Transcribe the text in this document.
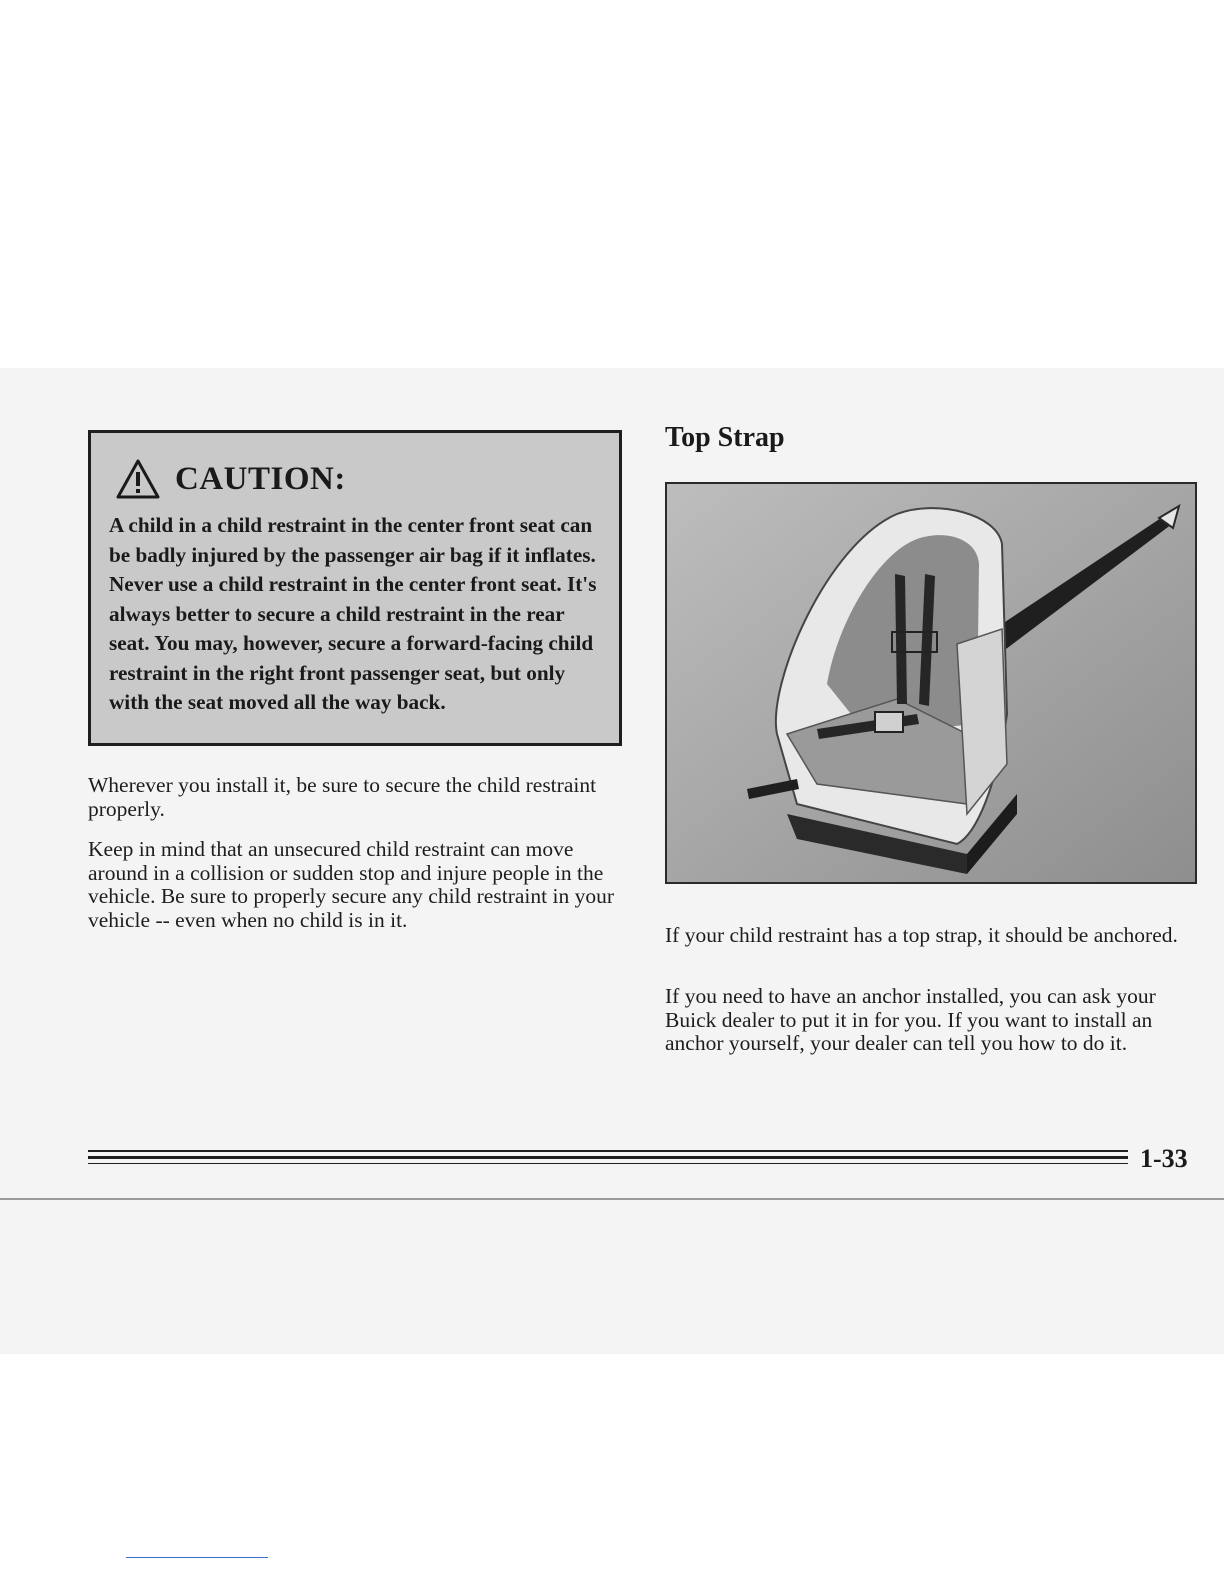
CAUTION:

A child in a child restraint in the center front seat can be badly injured by the passenger air bag if it inflates. Never use a child restraint in the center front seat. It's always better to secure a child restraint in the rear seat. You may, however, secure a forward-facing child restraint in the right front passenger seat, but only with the seat moved all the way back.

Wherever you install it, be sure to secure the child restraint properly.

Keep in mind that an unsecured child restraint can move around in a collision or sudden stop and injure people in the vehicle. Be sure to properly secure any child restraint in your vehicle -- even when no child is in it.

Top Strap

If your child restraint has a top strap, it should be anchored.

If you need to have an anchor installed, you can ask your Buick dealer to put it in for you. If you want to install an anchor yourself, your dealer can tell you how to do it.

1-33
